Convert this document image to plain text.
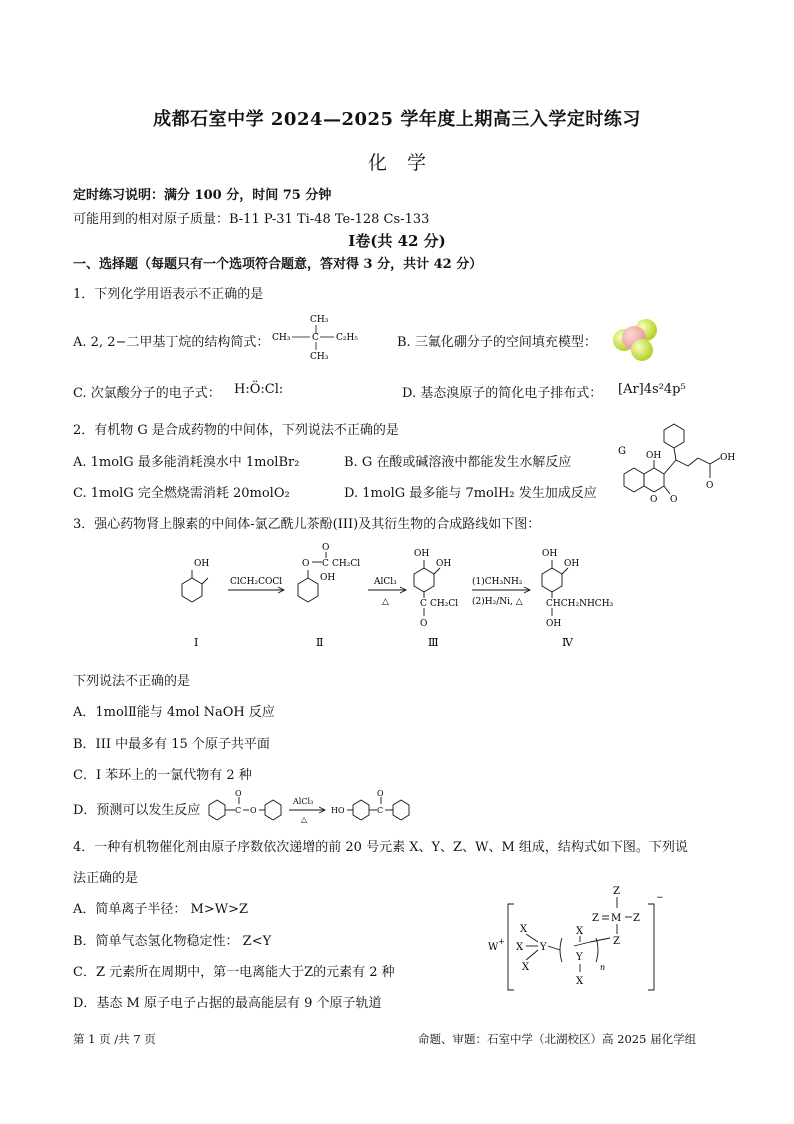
成都石室中学 2024—2025 学年度上期高三入学定时练习
化学
定时练习说明：满分 100 分，时间 75 分钟
可能用到的相对原子质量：B-11 P-31 Ti-48 Te-128 Cs-133
Ⅰ卷(共 42 分)
一、选择题（每题只有一个选项符合题意，答对得 3 分，共计 42 分）
1．下列化学用语表示不正确的是
A. 2, 2−二甲基丁烷的结构简式：
CH₃
CH₃ C C₂H₅
CH₃
B. 三氟化硼分子的空间填充模型：
C. 次氯酸分子的电子式： H:Ö:Cl:	D. 基态溴原子的简化电子排布式： [Ar]4s²4p⁵
2．有机物 G 是合成药物的中间体，下列说法不正确的是
A. 1molG 最多能消耗溴水中 1molBr₂	B. G 在酸或碱溶液中都能发生水解反应
C. 1molG 完全燃烧需消耗 20molO₂	D. 1molG 最多能与 7molH₂ 发生加成反应
G OH
O O
OH
O
3．强心药物肾上腺素的中间体-氯乙酰儿茶酚(III)及其衍生物的合成路线如下图：
OH
ClCH₂COCl
O
O
C CH₂Cl
OH	AlCl₃
△
OH
OH
C CH₂Cl
O
(1)CH₃NH₂
(2)H₂/Ni, △
OH
OH
CHCH₂NHCH₃
OH
Ⅰ	Ⅱ	Ⅲ	Ⅳ
下列说法不正确的是
A．1molⅡ能与 4mol NaOH 反应
B．III 中最多有 15 个原子共平面
C．I 苯环上的一氯代物有 2 种
D．预测可以发生反应
O
C O
AlCl₃
△
HO
O
C
4．一种有机物催化剂由原子序数依次递增的前 20 号元素 X、Y、Z、W、M 组成，结构式如下图。下列说
法正确的是
A．简单离子半径： M>W>Z
B．简单气态氢化物稳定性： Z<Y
C．Z 元素所在周期中，第一电离能大于Z的元素有 2 种
D．基态 M 原子电子占据的最高能层有 9 个原子轨道
W
+
−
Z
Z M Z
Z
X
X
X
Y
X
Y
X
n
第 1 页 /共 7 页	命题、审题：石室中学（北湖校区）高 2025 届化学组
